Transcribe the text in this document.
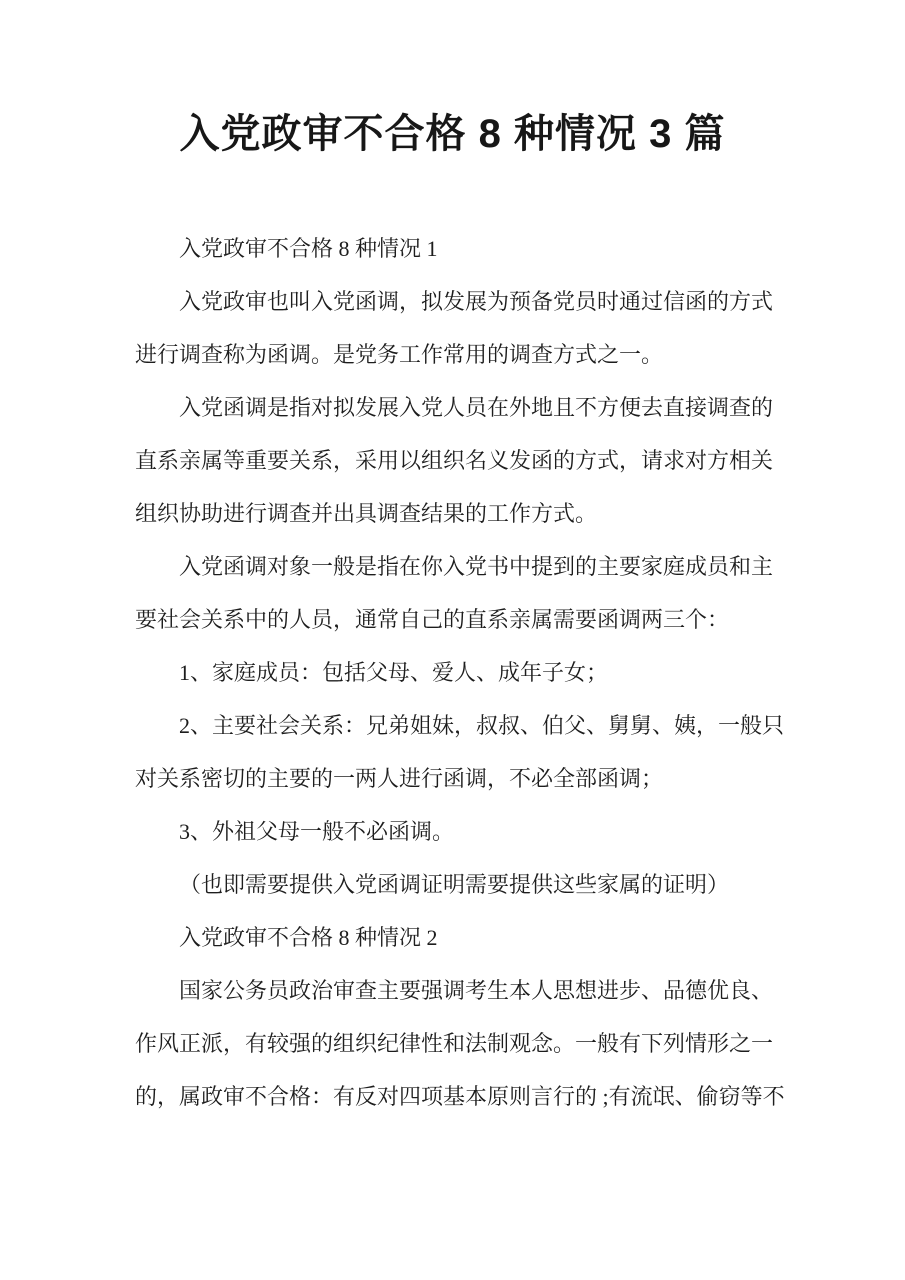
入党政审不合格 8 种情况 3 篇
入党政审不合格 8 种情况 1
入党政审也叫入党函调，拟发展为预备党员时通过信函的方式
进行调查称为函调。是党务工作常用的调查方式之一。
入党函调是指对拟发展入党人员在外地且不方便去直接调查的
直系亲属等重要关系，采用以组织名义发函的方式，请求对方相关
组织协助进行调查并出具调查结果的工作方式。
入党函调对象一般是指在你入党书中提到的主要家庭成员和主
要社会关系中的人员，通常自己的直系亲属需要函调两三个：
1、家庭成员：包括父母、爱人、成年子女；
2、主要社会关系：兄弟姐妹，叔叔、伯父、舅舅、姨，一般只
对关系密切的主要的一两人进行函调，不必全部函调；
3、外祖父母一般不必函调。
（也即需要提供入党函调证明需要提供这些家属的证明）
入党政审不合格 8 种情况 2
国家公务员政治审查主要强调考生本人思想进步、品德优良、
作风正派，有较强的组织纪律性和法制观念。一般有下列情形之一
的，属政审不合格：有反对四项基本原则言行的 ;有流氓、偷窃等不
